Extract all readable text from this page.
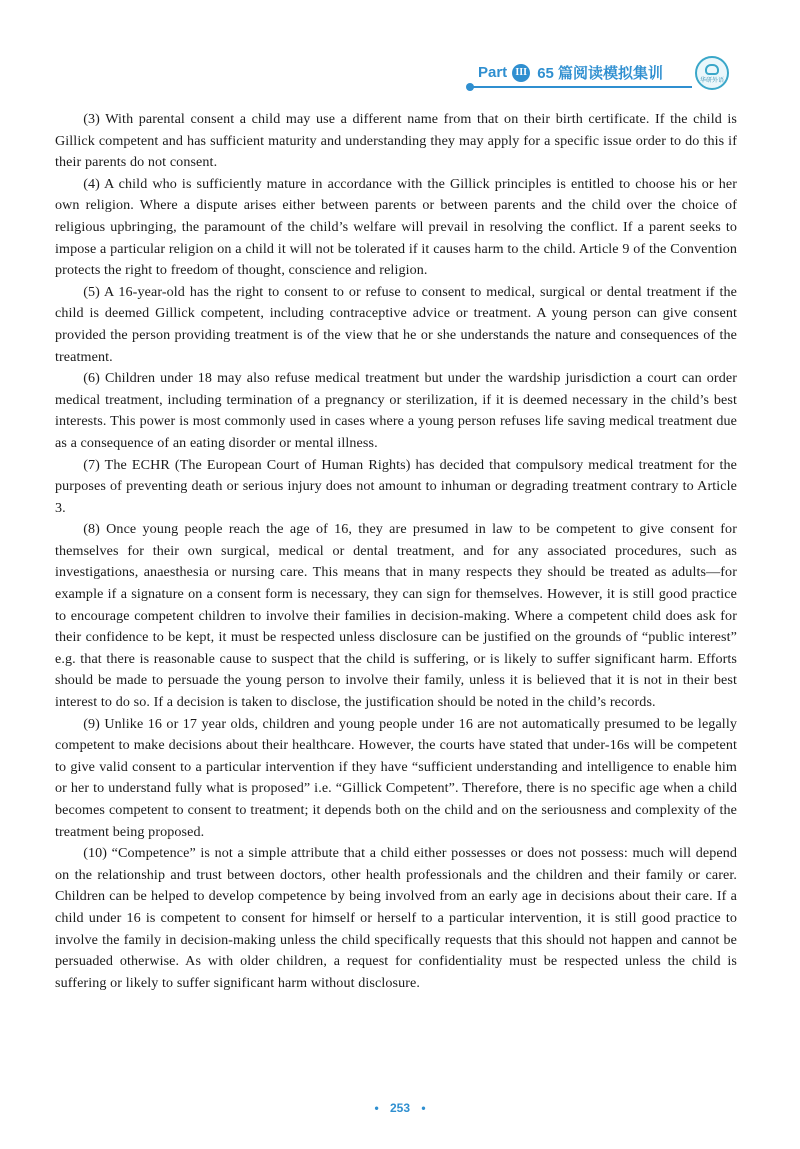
Part III 65 篇阅读模拟集训	华研外语

(3) With parental consent a child may use a different name from that on their birth certificate. If the child is Gillick competent and has sufficient maturity and understanding they may apply for a specific issue order to do this if their parents do not consent.

(4) A child who is sufficiently mature in accordance with the Gillick principles is entitled to choose his or her own religion. Where a dispute arises either between parents or between parents and the child over the choice of religious upbringing, the paramount of the child’s welfare will prevail in resolving the conflict. If a parent seeks to impose a particular religion on a child it will not be tolerated if it causes harm to the child. Article 9 of the Convention protects the right to freedom of thought, conscience and religion.

(5) A 16-year-old has the right to consent to or refuse to consent to medical, surgical or dental treatment if the child is deemed Gillick competent, including contraceptive advice or treatment. A young person can give consent provided the person providing treatment is of the view that he or she understands the nature and consequences of the treatment.

(6) Children under 18 may also refuse medical treatment but under the wardship jurisdiction a court can order medical treatment, including termination of a pregnancy or sterilization, if it is deemed necessary in the child’s best interests. This power is most commonly used in cases where a young person refuses life saving medical treatment due as a consequence of an eating disorder or mental illness.

(7) The ECHR (The European Court of Human Rights) has decided that compulsory medical treatment for the purposes of preventing death or serious injury does not amount to inhuman or degrading treatment contrary to Article 3.

(8) Once young people reach the age of 16, they are presumed in law to be competent to give consent for themselves for their own surgical, medical or dental treatment, and for any associated procedures, such as investigations, anaesthesia or nursing care. This means that in many respects they should be treated as adults—for example if a signature on a consent form is necessary, they can sign for themselves. However, it is still good practice to encourage competent children to involve their families in decision-making. Where a competent child does ask for their confidence to be kept, it must be respected unless disclosure can be justified on the grounds of “public interest” e.g. that there is reasonable cause to suspect that the child is suffering, or is likely to suffer significant harm. Efforts should be made to persuade the young person to involve their family, unless it is believed that it is not in their best interest to do so. If a decision is taken to disclose, the justification should be noted in the child’s records.

(9) Unlike 16 or 17 year olds, children and young people under 16 are not automatically presumed to be legally competent to make decisions about their healthcare. However, the courts have stated that under-16s will be competent to give valid consent to a particular intervention if they have “sufficient understanding and intelligence to enable him or her to understand fully what is proposed” i.e. “Gillick Competent”. Therefore, there is no specific age when a child becomes competent to consent to treatment; it depends both on the child and on the seriousness and complexity of the treatment being proposed.

(10) “Competence” is not a simple attribute that a child either possesses or does not possess: much will depend on the relationship and trust between doctors, other health professionals and the children and their family or carer. Children can be helped to develop competence by being involved from an early age in decisions about their care. If a child under 16 is competent to consent for himself or herself to a particular intervention, it is still good practice to involve the family in decision-making unless the child specifically requests that this should not happen and cannot be persuaded otherwise. As with older children, a request for confidentiality must be respected unless the child is suffering or likely to suffer significant harm without disclosure.

• 253 •
